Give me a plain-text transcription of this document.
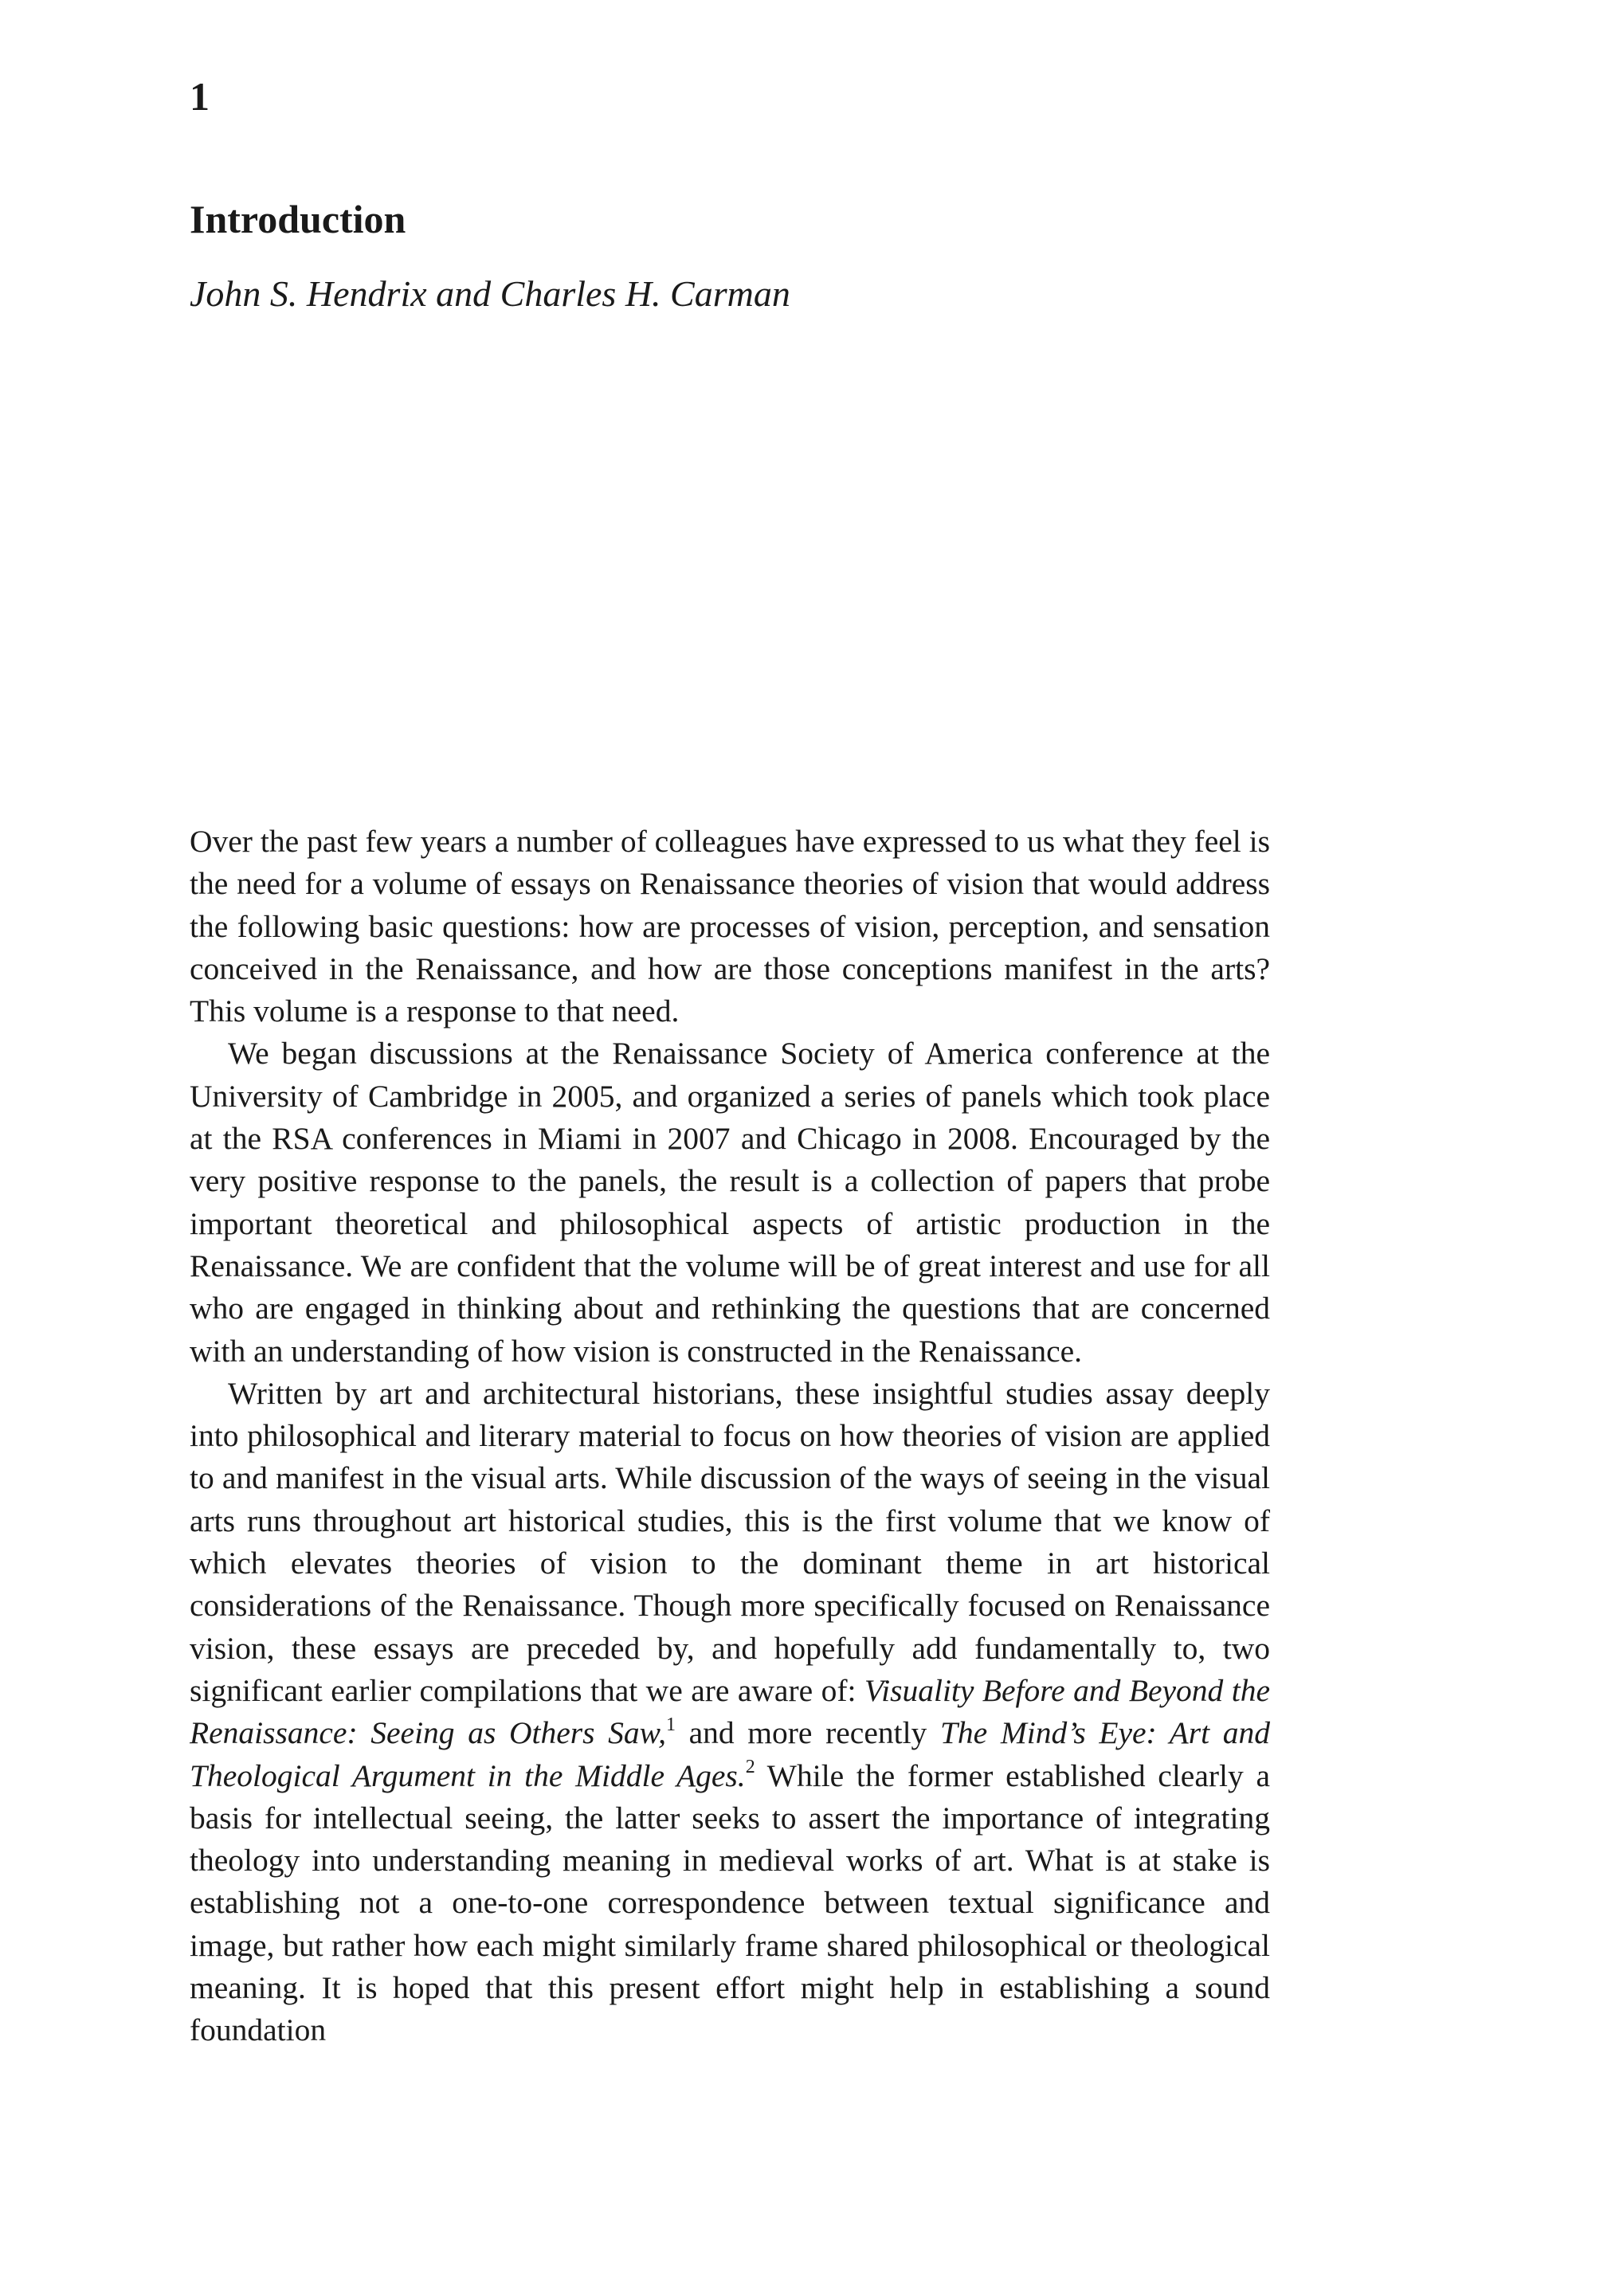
1
Introduction
John S. Hendrix and Charles H. Carman

Over the past few years a number of colleagues have expressed to us what they feel is the need for a volume of essays on Renaissance theories of vision that would address the following basic questions: how are processes of vision, perception, and sensation conceived in the Renaissance, and how are those conceptions manifest in the arts? This volume is a response to that need.

We began discussions at the Renaissance Society of America conference at the University of Cambridge in 2005, and organized a series of panels which took place at the RSA conferences in Miami in 2007 and Chicago in 2008. Encouraged by the very positive response to the panels, the result is a collection of papers that probe important theoretical and philosophical aspects of artistic production in the Renaissance. We are confident that the volume will be of great interest and use for all who are engaged in thinking about and rethinking the questions that are concerned with an understanding of how vision is constructed in the Renaissance.

Written by art and architectural historians, these insightful studies assay deeply into philosophical and literary material to focus on how theories of vision are applied to and manifest in the visual arts. While discussion of the ways of seeing in the visual arts runs throughout art historical studies, this is the first volume that we know of which elevates theories of vision to the dominant theme in art historical considerations of the Renaissance. Though more specifically focused on Renaissance vision, these essays are preceded by, and hopefully add fundamentally to, two significant earlier compilations that we are aware of: Visuality Before and Beyond the Renaissance: Seeing as Others Saw,$^1$ and more recently The Mind’s Eye: Art and Theological Argument in the Middle Ages.$^2$ While the former established clearly a basis for intellectual seeing, the latter seeks to assert the importance of integrating theology into understanding meaning in medieval works of art. What is at stake is establishing not a one-to-one correspondence between textual significance and image, but rather how each might similarly frame shared philosophical or theological meaning. It is hoped that this present effort might help in establishing a sound foundation
